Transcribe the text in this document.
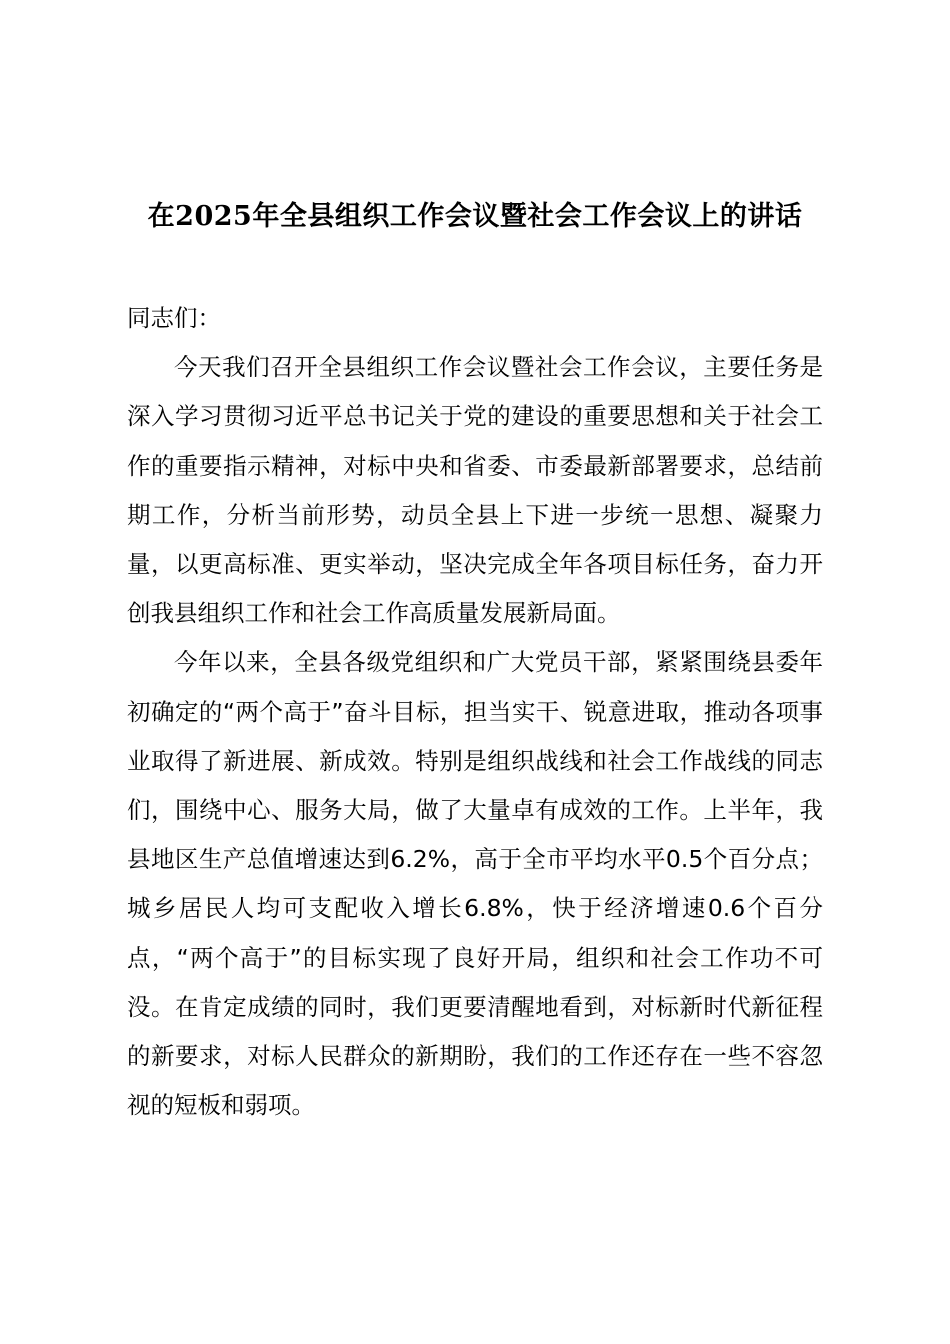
在2025年全县组织工作会议暨社会工作会议上的讲话

同志们：

今天我们召开全县组织工作会议暨社会工作会议，主要任务是深入学习贯彻习近平总书记关于党的建设的重要思想和关于社会工作的重要指示精神，对标中央和省委、市委最新部署要求，总结前期工作，分析当前形势，动员全县上下进一步统一思想、凝聚力量，以更高标准、更实举动，坚决完成全年各项目标任务，奋力开创我县组织工作和社会工作高质量发展新局面。

今年以来，全县各级党组织和广大党员干部，紧紧围绕县委年初确定的“两个高于”奋斗目标，担当实干、锐意进取，推动各项事业取得了新进展、新成效。特别是组织战线和社会工作战线的同志们，围绕中心、服务大局，做了大量卓有成效的工作。上半年，我县地区生产总值增速达到6.2%，高于全市平均水平0.5个百分点；城乡居民人均可支配收入增长6.8%，快于经济增速0.6个百分点，“两个高于”的目标实现了良好开局，组织和社会工作功不可没。在肯定成绩的同时，我们更要清醒地看到，对标新时代新征程的新要求，对标人民群众的新期盼，我们的工作还存在一些不容忽视的短板和弱项。
